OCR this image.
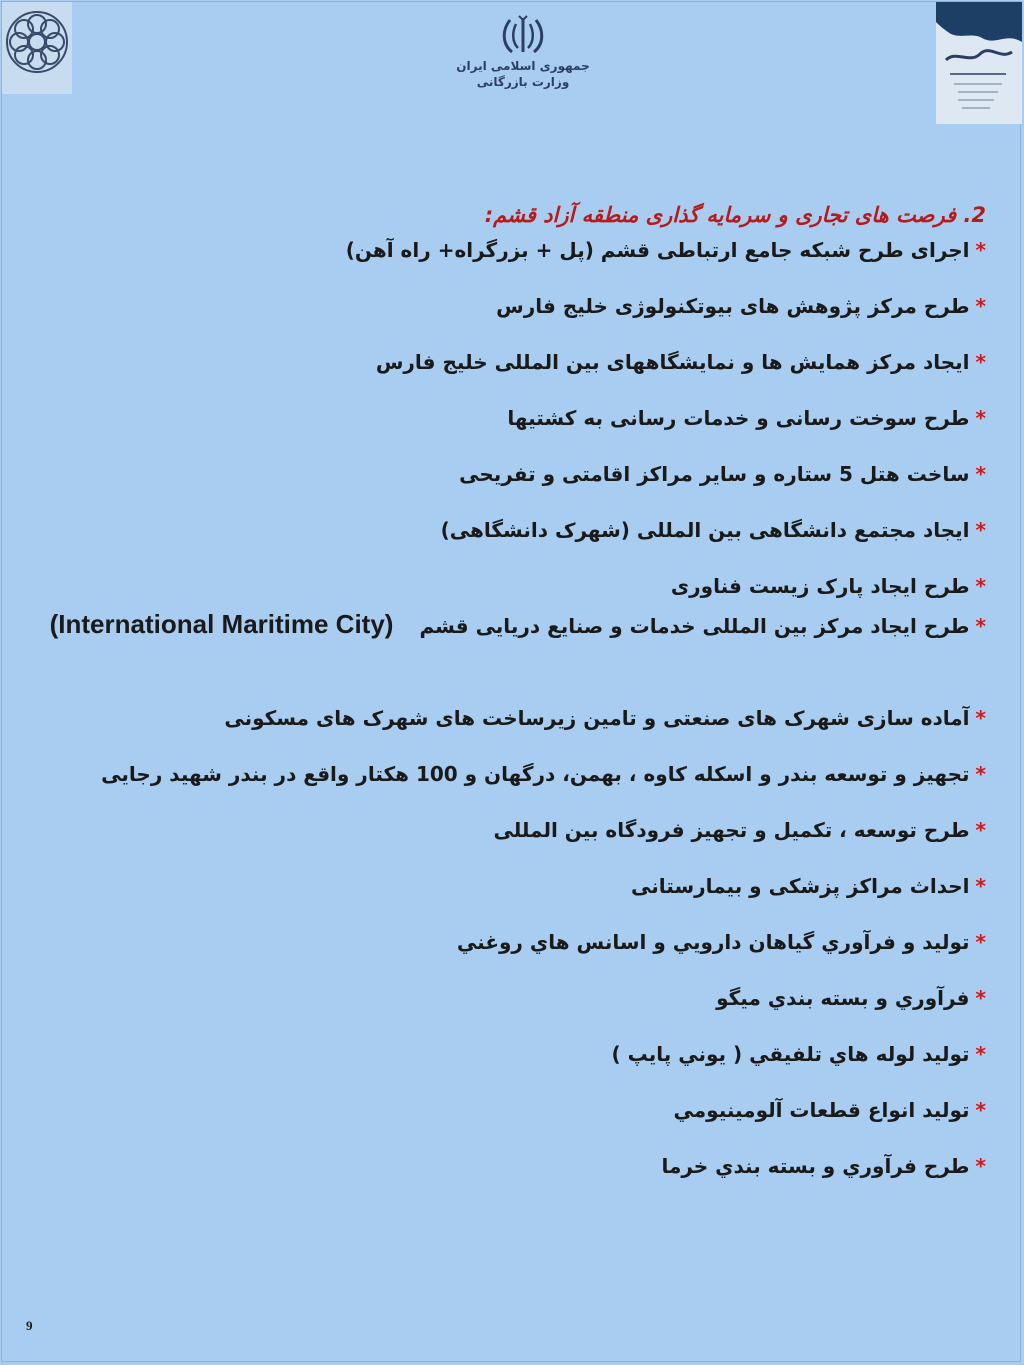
جمهوری اسلامی ایران
وزارت بازرگانی
2. فرصت های تجاری و سرمایه گذاری منطقه آزاد قشم:
*اجرای طرح شبکه جامع ارتباطی قشم (پل + بزرگراه+ راه آهن)
*طرح مرکز پژوهش های بیوتکنولوژی خلیج فارس
*ایجاد مرکز همایش ها و نمایشگاههای بین المللی خلیج فارس
*طرح سوخت رسانی و خدمات رسانی به کشتیها
*ساخت هتل 5 ستاره و سایر مراکز اقامتی و تفریحی
*ایجاد مجتمع دانشگاهی بین المللی (شهرک دانشگاهی)
*طرح ایجاد پارک زیست فناوری
*طرح ایجاد مرکز بین المللی خدمات و صنایع دریایی قشم(International Maritime City)
*آماده سازی شهرک های صنعتی و تامین زیرساخت های شهرک های مسکونی
*تجهیز و توسعه بندر و اسکله کاوه ، بهمن، درگهان و 100 هکتار واقع در بندر شهید رجایی
*طرح توسعه ، تکمیل و تجهیز فرودگاه بین المللی
*احداث مراکز پزشکی و بیمارستانی
*توليد و فرآوري گياهان دارويي و اسانس هاي روغني
*فرآوري و بسته بندي ميگو
*توليد لوله هاي تلفيقي ( يوني پايپ )
*توليد انواع قطعات آلومينيومي
*طرح فرآوري و بسته بندي خرما
9
